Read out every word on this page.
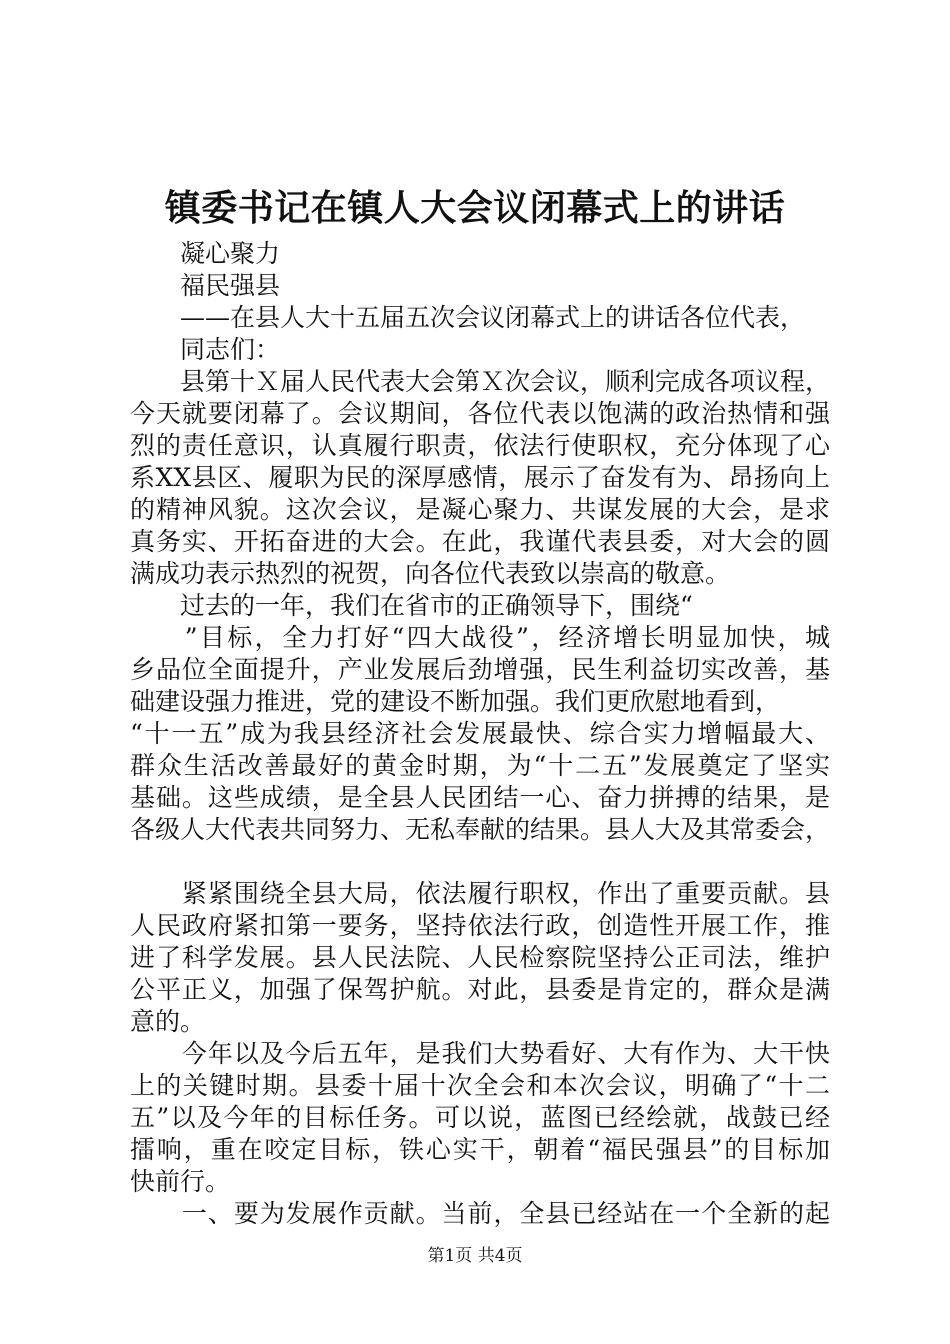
镇委书记在镇人大会议闭幕式上的讲话
　　凝心聚力
　　福民强县
　　——在县人大十五届五次会议闭幕式上的讲话各位代表，
　　同志们：
　　县第十Ｘ届人民代表大会第Ｘ次会议，顺利完成各项议程，
今天就要闭幕了。会议期间，各位代表以饱满的政治热情和强
烈的责任意识，认真履行职责，依法行使职权，充分体现了心
系XX县区、履职为民的深厚感情，展示了奋发有为、昂扬向上
的精神风貌。这次会议，是凝心聚力、共谋发展的大会，是求
真务实、开拓奋进的大会。在此，我谨代表县委，对大会的圆
满成功表示热烈的祝贺，向各位代表致以崇高的敬意。
　　过去的一年，我们在省市的正确领导下，围绕“
　　”目标，全力打好“四大战役”，经济增长明显加快，城
乡品位全面提升，产业发展后劲增强，民生利益切实改善，基
础建设强力推进，党的建设不断加强。我们更欣慰地看到，
“十一五”成为我县经济社会发展最快、综合实力增幅最大、
群众生活改善最好的黄金时期，为“十二五”发展奠定了坚实
基础。这些成绩，是全县人民团结一心、奋力拼搏的结果，是
各级人大代表共同努力、无私奉献的结果。县人大及其常委会，
　　紧紧围绕全县大局，依法履行职权，作出了重要贡献。县
人民政府紧扣第一要务，坚持依法行政，创造性开展工作，推
进了科学发展。县人民法院、人民检察院坚持公正司法，维护
公平正义，加强了保驾护航。对此，县委是肯定的，群众是满
意的。
　　今年以及今后五年，是我们大势看好、大有作为、大干快
上的关键时期。县委十届十次全会和本次会议，明确了“十二
五”以及今年的目标任务。可以说，蓝图已经绘就，战鼓已经
擂响，重在咬定目标，铁心实干，朝着“福民强县”的目标加
快前行。
　　一、要为发展作贡献。当前，全县已经站在一个全新的起
第1页 共4页
